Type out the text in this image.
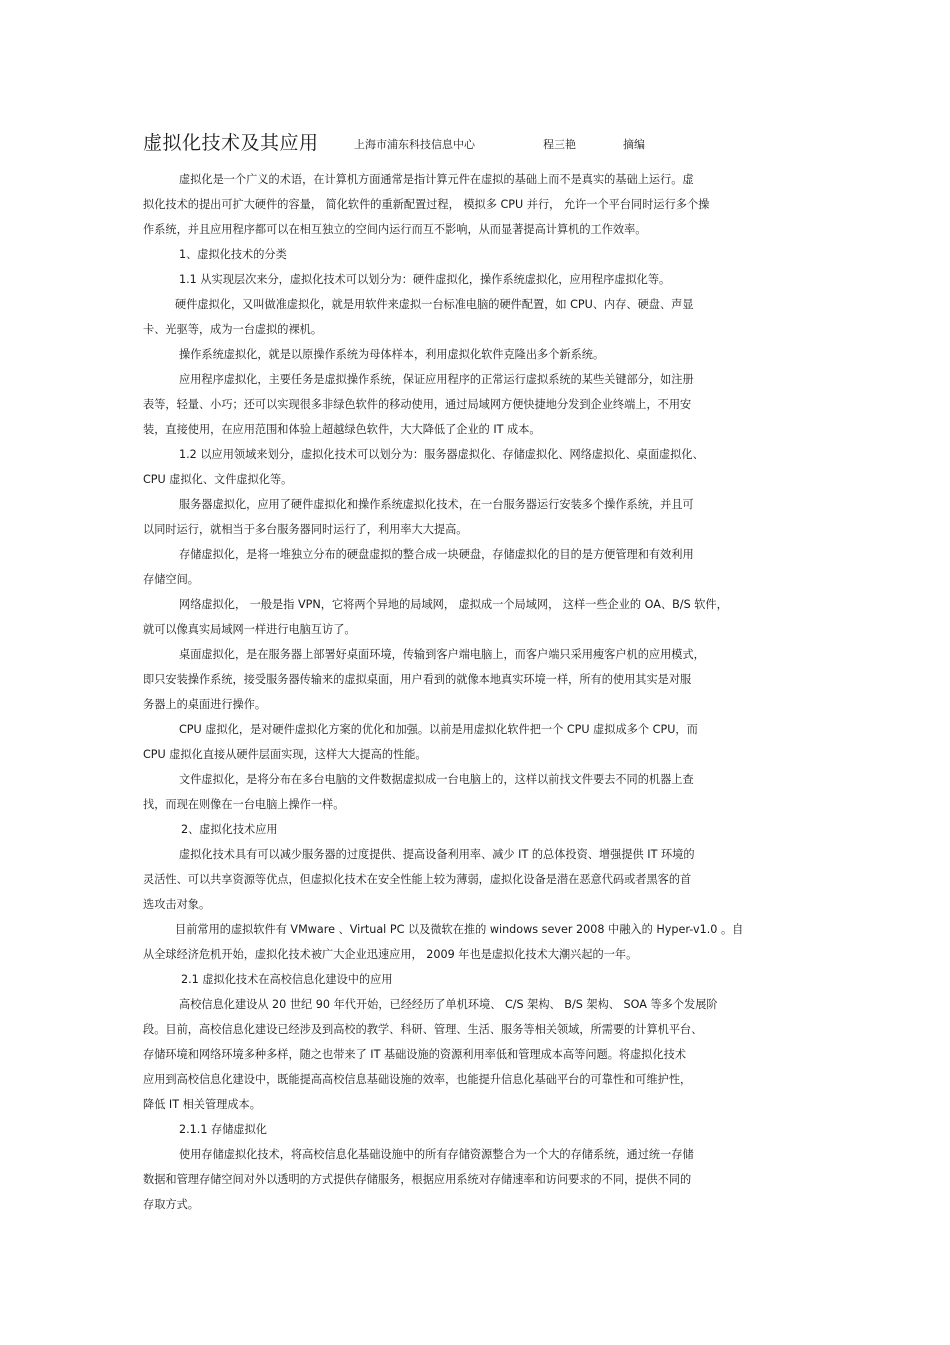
虚拟化技术及其应用	上海市浦东科技信息中心	程三艳	摘编
虚拟化是一个广义的术语，在计算机方面通常是指计算元件在虚拟的基础上而不是真实的基础上运行。虚
拟化技术的提出可扩大硬件的容量， 简化软件的重新配置过程， 模拟多 CPU 并行， 允许一个平台同时运行多个操
作系统，并且应用程序都可以在相互独立的空间内运行而互不影响，从而显著提高计算机的工作效率。
1、虚拟化技术的分类
1.1 从实现层次来分，虚拟化技术可以划分为：硬件虚拟化，操作系统虚拟化，应用程序虚拟化等。
硬件虚拟化，又叫做准虚拟化，就是用软件来虚拟一台标准电脑的硬件配置，如 CPU、内存、硬盘、声显
卡、光驱等，成为一台虚拟的裸机。
操作系统虚拟化，就是以原操作系统为母体样本，利用虚拟化软件克隆出多个新系统。
应用程序虚拟化，主要任务是虚拟操作系统，保证应用程序的正常运行虚拟系统的某些关键部分，如注册
表等，轻量、小巧；还可以实现很多非绿色软件的移动使用，通过局域网方便快捷地分发到企业终端上，不用安
装，直接使用，在应用范围和体验上超越绿色软件，大大降低了企业的 IT 成本。
1.2 以应用领域来划分，虚拟化技术可以划分为：服务器虚拟化、存储虚拟化、网络虚拟化、桌面虚拟化、
CPU 虚拟化、文件虚拟化等。
服务器虚拟化，应用了硬件虚拟化和操作系统虚拟化技术，在一台服务器运行安装多个操作系统，并且可
以同时运行，就相当于多台服务器同时运行了，利用率大大提高。
存储虚拟化，是将一堆独立分布的硬盘虚拟的整合成一块硬盘，存储虚拟化的目的是方便管理和有效利用
存储空间。
网络虚拟化， 一般是指 VPN，它将两个异地的局域网， 虚拟成一个局域网， 这样一些企业的 OA、B/S 软件，
就可以像真实局域网一样进行电脑互访了。
桌面虚拟化，是在服务器上部署好桌面环境，传输到客户端电脑上，而客户端只采用瘦客户机的应用模式，
即只安装操作系统，接受服务器传输来的虚拟桌面，用户看到的就像本地真实环境一样，所有的使用其实是对服
务器上的桌面进行操作。
CPU 虚拟化，是对硬件虚拟化方案的优化和加强。以前是用虚拟化软件把一个 CPU 虚拟成多个 CPU，而
CPU 虚拟化直接从硬件层面实现，这样大大提高的性能。
文件虚拟化，是将分布在多台电脑的文件数据虚拟成一台电脑上的，这样以前找文件要去不同的机器上查
找，而现在则像在一台电脑上操作一样。
2、虚拟化技术应用
虚拟化技术具有可以减少服务器的过度提供、提高设备利用率、减少 IT 的总体投资、增强提供 IT 环境的
灵活性、可以共享资源等优点，但虚拟化技术在安全性能上较为薄弱，虚拟化设备是潜在恶意代码或者黑客的首
选攻击对象。
目前常用的虚拟软件有 VMware 、Virtual PC 以及微软在推的 windows sever 2008 中融入的 Hyper-v1.0 。自
从全球经济危机开始，虚拟化技术被广大企业迅速应用， 2009 年也是虚拟化技术大潮兴起的一年。
2.1 虚拟化技术在高校信息化建设中的应用
高校信息化建设从 20 世纪 90 年代开始，已经经历了单机环境、 C/S 架构、 B/S 架构、 SOA 等多个发展阶
段。目前，高校信息化建设已经涉及到高校的教学、科研、管理、生活、服务等相关领域，所需要的计算机平台、
存储环境和网络环境多种多样，随之也带来了 IT 基础设施的资源利用率低和管理成本高等问题。将虚拟化技术
应用到高校信息化建设中，既能提高高校信息基础设施的效率，也能提升信息化基础平台的可靠性和可维护性，
降低 IT 相关管理成本。
2.1.1 存储虚拟化
使用存储虚拟化技术，将高校信息化基础设施中的所有存储资源整合为一个大的存储系统，通过统一存储
数据和管理存储空间对外以透明的方式提供存储服务，根据应用系统对存储速率和访问要求的不同，提供不同的
存取方式。
